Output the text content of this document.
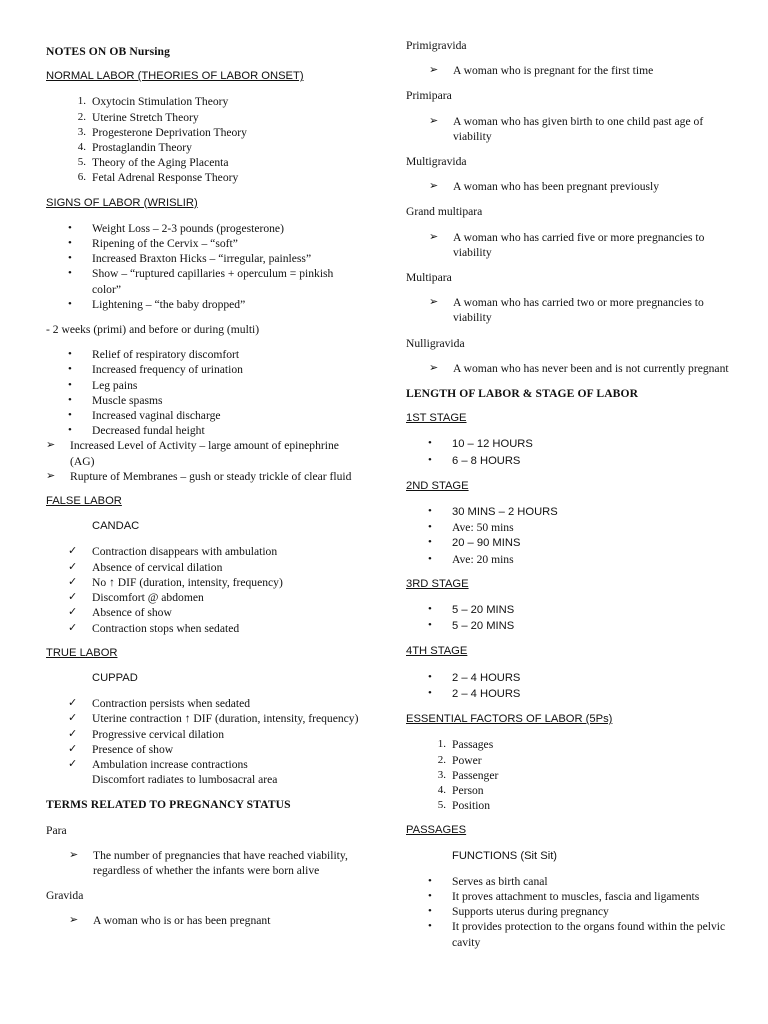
NOTES ON OB Nursing
NORMAL LABOR (THEORIES OF LABOR ONSET)
1. Oxytocin Stimulation Theory
2. Uterine Stretch Theory
3. Progesterone Deprivation Theory
4. Prostaglandin Theory
5. Theory of the Aging Placenta
6. Fetal Adrenal Response Theory
SIGNS OF LABOR (WRISLIR)
• Weight Loss – 2-3 pounds (progesterone)
• Ripening of the Cervix – “soft”
• Increased Braxton Hicks – “irregular, painless”
• Show – “ruptured capillaries + operculum = pinkish color”
• Lightening – “the baby dropped”
- 2 weeks (primi) and before or during (multi)
• Relief of respiratory discomfort
• Increased frequency of urination
• Leg pains
• Muscle spasms
• Increased vaginal discharge
• Decreased fundal height
➢ Increased Level of Activity – large amount of epinephrine (AG)
➢ Rupture of Membranes – gush or steady trickle of clear fluid
FALSE LABOR
CANDAC
✓ Contraction disappears with ambulation
✓ Absence of cervical dilation
✓ No ↑ DIF (duration, intensity, frequency)
✓ Discomfort @ abdomen
✓ Absence of show
✓ Contraction stops when sedated
TRUE LABOR
CUPPAD
✓ Contraction persists when sedated
✓ Uterine contraction ↑ DIF (duration, intensity, frequency)
✓ Progressive cervical dilation
✓ Presence of show
✓ Ambulation increase contractions
Discomfort radiates to lumbosacral area
TERMS RELATED TO PREGNANCY STATUS
Para
➢ The number of pregnancies that have reached viability, regardless of whether the infants were born alive
Gravida
➢ A woman who is or has been pregnant
Primigravida
➢ A woman who is pregnant for the first time
Primipara
➢ A woman who has given birth to one child past age of viability
Multigravida
➢ A woman who has been pregnant previously
Grand multipara
➢ A woman who has carried five or more pregnancies to viability
Multipara
➢ A woman who has carried two or more pregnancies to viability
Nulligravida
➢ A woman who has never been and is not currently pregnant
LENGTH OF LABOR & STAGE OF LABOR
1ST STAGE
• 10 – 12 HOURS
• 6 – 8 HOURS
2ND STAGE
• 30 MINS – 2 HOURS
• Ave: 50 mins
• 20 – 90 MINS
• Ave: 20 mins
3RD STAGE
• 5 – 20 MINS
• 5 – 20 MINS
4TH STAGE
• 2 – 4 HOURS
• 2 – 4 HOURS
ESSENTIAL FACTORS OF LABOR (5Ps)
1. Passages
2. Power
3. Passenger
4. Person
5. Position
PASSAGES
FUNCTIONS (Sit Sit)
• Serves as birth canal
• It proves attachment to muscles, fascia and ligaments
• Supports uterus during pregnancy
• It provides protection to the organs found within the pelvic cavity
